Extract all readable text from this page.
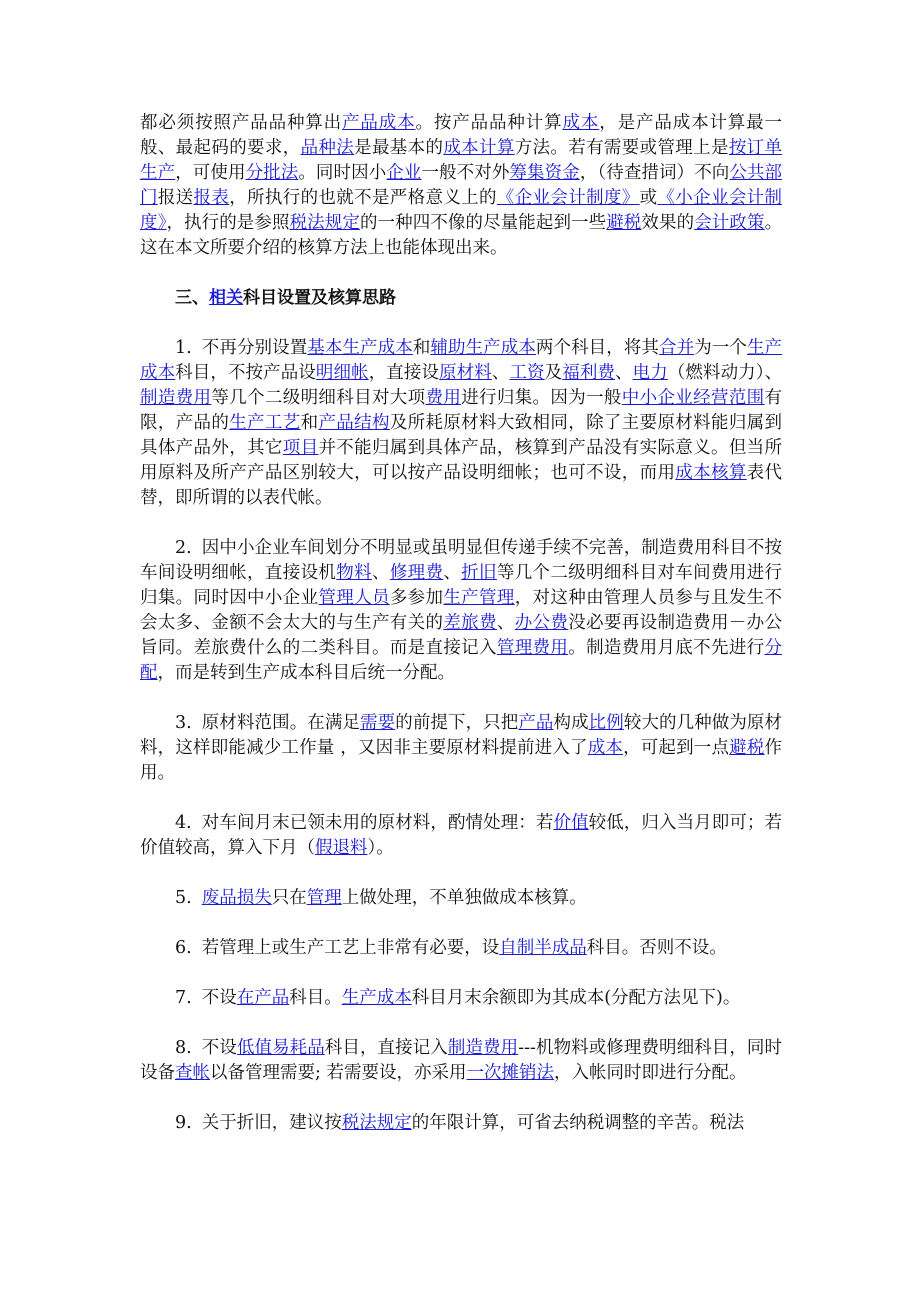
都必须按照产品品种算出产品成本。按产品品种计算成本，是产品成本计算最一般、最起码的要求，品种法是最基本的成本计算方法。若有需要或管理上是按订单生产，可使用分批法。同时因小企业一般不对外筹集资金，（待查措词）不向公共部门报送报表，所执行的也就不是严格意义上的《企业会计制度》或《小企业会计制度》，执行的是参照税法规定的一种四不像的尽量能起到一些避税效果的会计政策。这在本文所要介绍的核算方法上也能体现出来。

三、相关科目设置及核算思路

1. 不再分别设置基本生产成本和辅助生产成本两个科目，将其合并为一个生产成本科目，不按产品设明细帐，直接设原材料、工资及福利费、电力（燃料动力）、制造费用等几个二级明细科目对大项费用进行归集。因为一般中小企业经营范围有限，产品的生产工艺和产品结构及所耗原材料大致相同，除了主要原材料能归属到具体产品外，其它项目并不能归属到具体产品，核算到产品没有实际意义。但当所用原料及所产产品区别较大，可以按产品设明细帐；也可不设，而用成本核算表代替，即所谓的以表代帐。

2. 因中小企业车间划分不明显或虽明显但传递手续不完善，制造费用科目不按车间设明细帐，直接设机物料、修理费、折旧等几个二级明细科目对车间费用进行归集。同时因中小企业管理人员多参加生产管理，对这种由管理人员参与且发生不会太多、金额不会太大的与生产有关的差旅费、办公费没必要再设制造费用－办公旨同。差旅费什么的二类科目。而是直接记入管理费用。制造费用月底不先进行分配，而是转到生产成本科目后统一分配。

3. 原材料范围。在满足需要的前提下，只把产品构成比例较大的几种做为原材料，这样即能减少工作量 ，又因非主要原材料提前进入了成本，可起到一点避税作用。

4. 对车间月末已领未用的原材料，酌情处理：若价值较低，归入当月即可；若价值较高，算入下月（假退料）。

5. 废品损失只在管理上做处理，不单独做成本核算。

6. 若管理上或生产工艺上非常有必要，设自制半成品科目。否则不设。

7. 不设在产品科目。生产成本科目月末余额即为其成本(分配方法见下)。

8. 不设低值易耗品科目，直接记入制造费用---机物料或修理费明细科目，同时设备查帐以备管理需要; 若需要设，亦采用一次摊销法，入帐同时即进行分配。

9. 关于折旧，建议按税法规定的年限计算，可省去纳税调整的辛苦。税法
